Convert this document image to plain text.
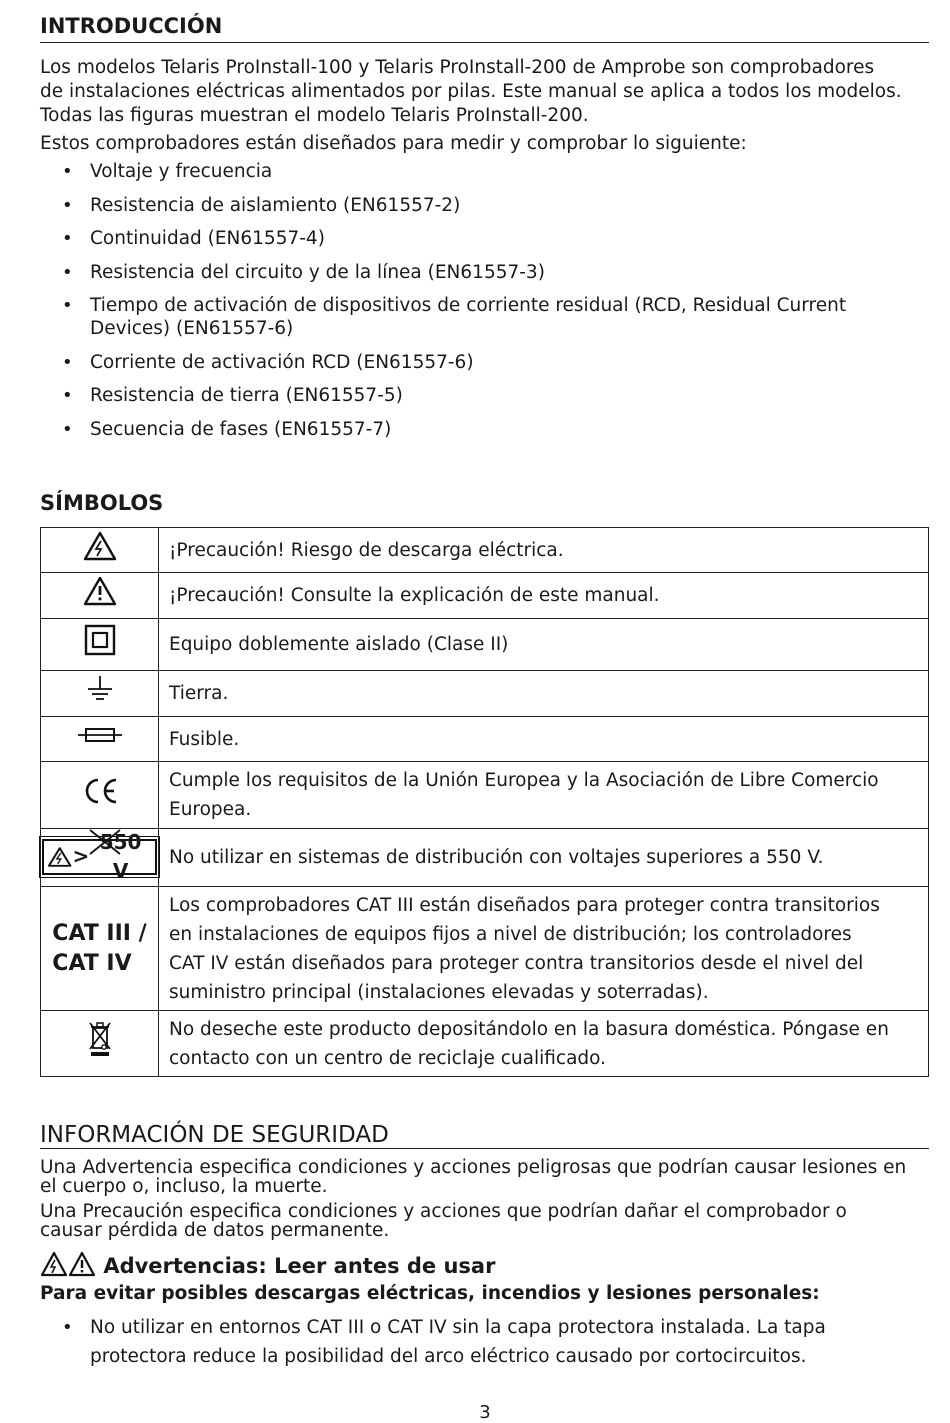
INTRODUCCIÓN

Los modelos Telaris ProInstall-100 y Telaris ProInstall-200 de Amprobe son comprobadores
de instalaciones eléctricas alimentados por pilas. Este manual se aplica a todos los modelos.
Todas las figuras muestran el modelo Telaris ProInstall-200.

Estos comprobadores están diseñados para medir y comprobar lo siguiente:

• Voltaje y frecuencia
• Resistencia de aislamiento (EN61557-2)
• Continuidad (EN61557-4)
• Resistencia del circuito y de la línea (EN61557-3)
• Tiempo de activación de dispositivos de corriente residual (RCD, Residual Current
Devices) (EN61557-6)
• Corriente de activación RCD (EN61557-6)
• Resistencia de tierra (EN61557-5)
• Secuencia de fases (EN61557-7)
SÍMBOLOS
	¡Precaución! Riesgo de descarga eléctrica.
	¡Precaución! Consulte la explicación de este manual.
	Equipo doblemente aislado (Clase II)
	Tierra.
	Fusible.
	Cumple los requisitos de la Unión Europea y la Asociación de Libre Comercio
Europea.

>
550 V	No utilizar en sistemas de distribución con voltajes superiores a 550 V.
CAT III /
CAT IV	Los comprobadores CAT III están diseñados para proteger contra transitorios
en instalaciones de equipos fijos a nivel de distribución; los controladores
CAT IV están diseñados para proteger contra transitorios desde el nivel del
suministro principal (instalaciones elevadas y soterradas).
	No deseche este producto depositándolo en la basura doméstica. Póngase en
contacto con un centro de reciclaje cualificado.
INFORMACIÓN DE SEGURIDAD

Una Advertencia especifica condiciones y acciones peligrosas que podrían causar lesiones en
el cuerpo o, incluso, la muerte.

Una Precaución especifica condiciones y acciones que podrían dañar el comprobador o
causar pérdida de datos permanente.

Advertencias: Leer antes de usar
Para evitar posibles descargas eléctricas, incendios y lesiones personales:
• No utilizar en entornos CAT III o CAT IV sin la capa protectora instalada. La tapa
protectora reduce la posibilidad del arco eléctrico causado por cortocircuitos.
3
